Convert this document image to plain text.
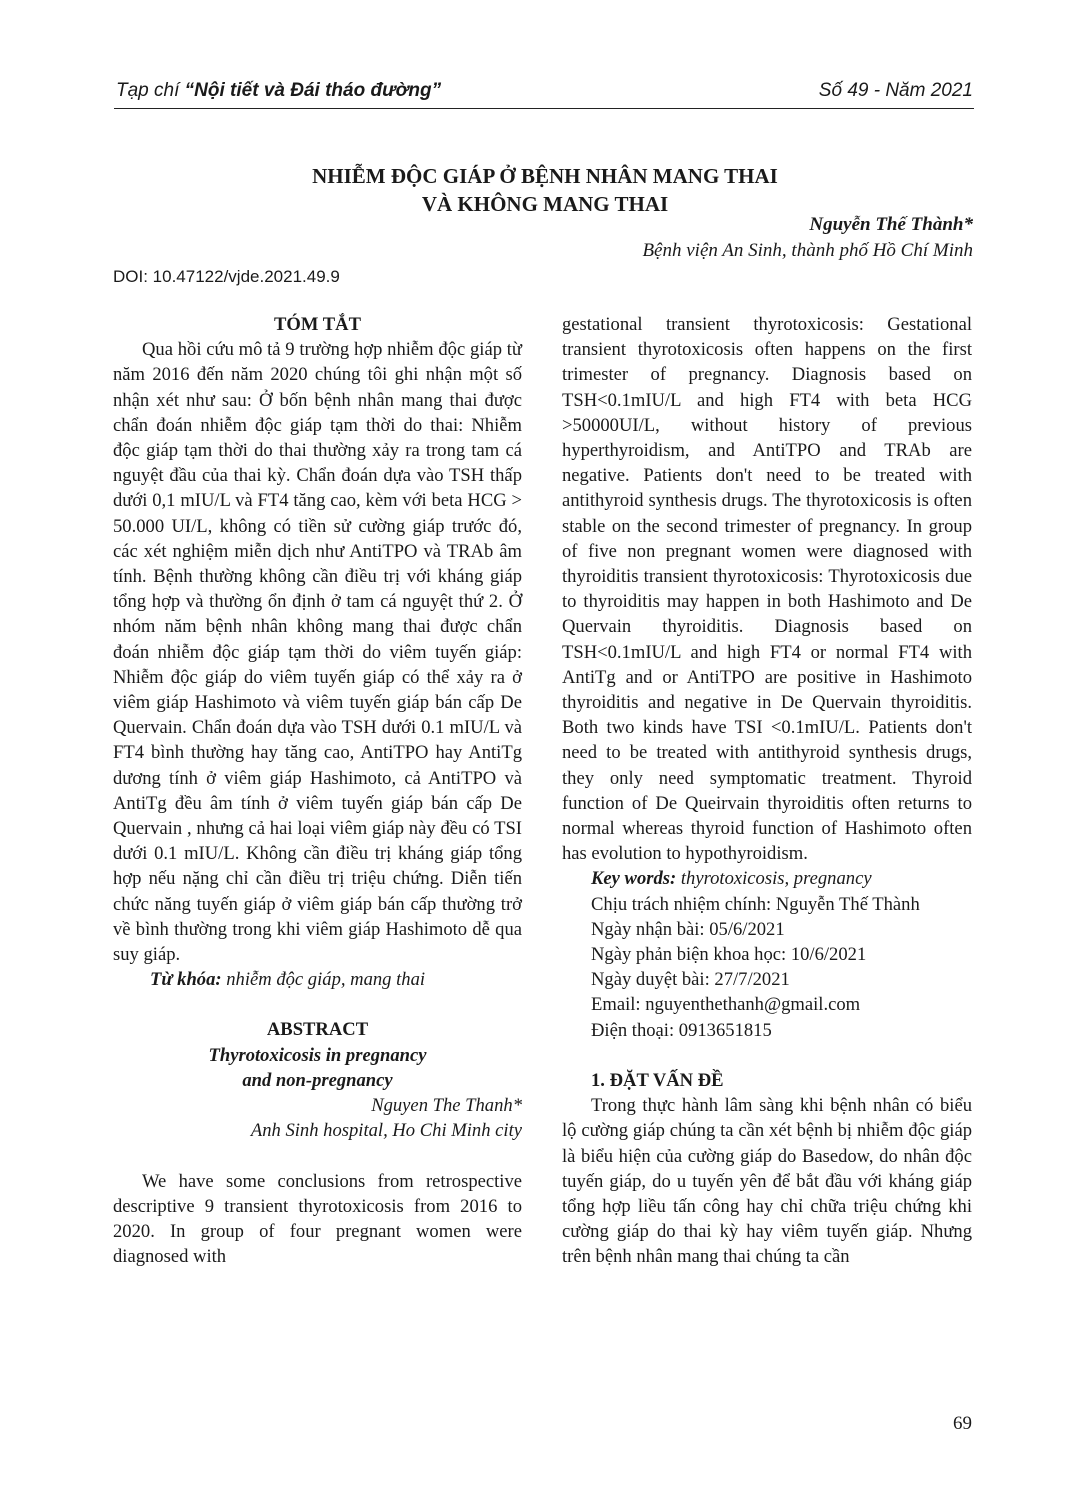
Tạp chí “Nội tiết và Đái tháo đường”	Số 49 - Năm 2021
NHIỄM ĐỘC GIÁP Ở BỆNH NHÂN MANG THAI
VÀ KHÔNG MANG THAI
Nguyễn Thế Thành*
Bệnh viện An Sinh, thành phố Hồ Chí Minh
DOI: 10.47122/vjde.2021.49.9

TÓM TẮT

Qua hồi cứu mô tả 9 trường hợp nhiễm độc giáp từ năm 2016 đến năm 2020 chúng tôi ghi nhận một số nhận xét như sau: Ở bốn bệnh nhân mang thai được chẩn đoán nhiễm độc giáp tạm thời do thai: Nhiễm độc giáp tạm thời do thai thường xảy ra trong tam cá nguyệt đầu của thai kỳ. Chẩn đoán dựa vào TSH thấp dưới 0,1 mIU/L và FT4 tăng cao, kèm với beta HCG > 50.000 UI/L, không có tiền sử cường giáp trước đó, các xét nghiệm miễn dịch như AntiTPO và TRAb âm tính. Bệnh thường không cần điều trị với kháng giáp tổng hợp và thường ổn định ở tam cá nguyệt thứ 2. Ở nhóm năm bệnh nhân không mang thai được chẩn đoán nhiễm độc giáp tạm thời do viêm tuyến giáp: Nhiễm độc giáp do viêm tuyến giáp có thể xảy ra ở viêm giáp Hashimoto và viêm tuyến giáp bán cấp De Quervain. Chẩn đoán dựa vào TSH dưới 0.1 mIU/L và FT4 bình thường hay tăng cao, AntiTPO hay AntiTg dương tính ở viêm giáp Hashimoto, cả AntiTPO và AntiTg đều âm tính ở viêm tuyến giáp bán cấp De Quervain , nhưng cả hai loại viêm giáp này đều có TSI dưới 0.1 mIU/L. Không cần điều trị kháng giáp tổng hợp nếu nặng chỉ cần điều trị triệu chứng. Diễn tiến chức năng tuyến giáp ở viêm giáp bán cấp thường trở về bình thường trong khi viêm giáp Hashimoto dễ qua suy giáp.

Từ khóa: nhiễm độc giáp, mang thai

ABSTRACT

Thyrotoxicosis in pregnancy

and non-pregnancy

Nguyen The Thanh*

Anh Sinh hospital, Ho Chi Minh city

We have some conclusions from retrospective descriptive 9 transient thyrotoxicosis from 2016 to 2020. In group of four pregnant women were diagnosed with

gestational transient thyrotoxicosis: Gestational transient thyrotoxicosis often happens on the first trimester of pregnancy. Diagnosis based on TSH<0.1mIU/L and high FT4 with beta HCG >50000UI/L, without history of previous hyperthyroidism, and AntiTPO and TRAb are negative. Patients don't need to be treated with antithyroid synthesis drugs. The thyrotoxicosis is often stable on the second trimester of pregnancy. In group of five non pregnant women were diagnosed with thyroiditis transient thyrotoxicosis: Thyrotoxicosis due to thyroiditis may happen in both Hashimoto and De Quervain thyroiditis. Diagnosis based on TSH<0.1mIU/L and high FT4 or normal FT4 with AntiTg and or AntiTPO are positive in Hashimoto thyroiditis and negative in De Quervain thyroiditis. Both two kinds have TSI <0.1mIU/L. Patients don't need to be treated with antithyroid synthesis drugs, they only need symptomatic treatment. Thyroid function of De Queirvain thyroiditis often returns to normal whereas thyroid function of Hashimoto often has evolution to hypothyroidism.

Key words: thyrotoxicosis, pregnancy

Chịu trách nhiệm chính: Nguyễn Thế Thành

Ngày nhận bài: 05/6/2021

Ngày phản biện khoa học: 10/6/2021

Ngày duyệt bài: 27/7/2021

Email: nguyenthethanh@gmail.com

Điện thoại: 0913651815

1. ĐẶT VẤN ĐỀ

Trong thực hành lâm sàng khi bệnh nhân có biểu lộ cường giáp chúng ta cần xét bệnh bị nhiễm độc giáp là biểu hiện của cường giáp do Basedow, do nhân độc tuyến giáp, do u tuyến yên để bắt đầu với kháng giáp tổng hợp liều tấn công hay chỉ chữa triệu chứng khi cường giáp do thai kỳ hay viêm tuyến giáp. Nhưng trên bệnh nhân mang thai chúng ta cần

69
